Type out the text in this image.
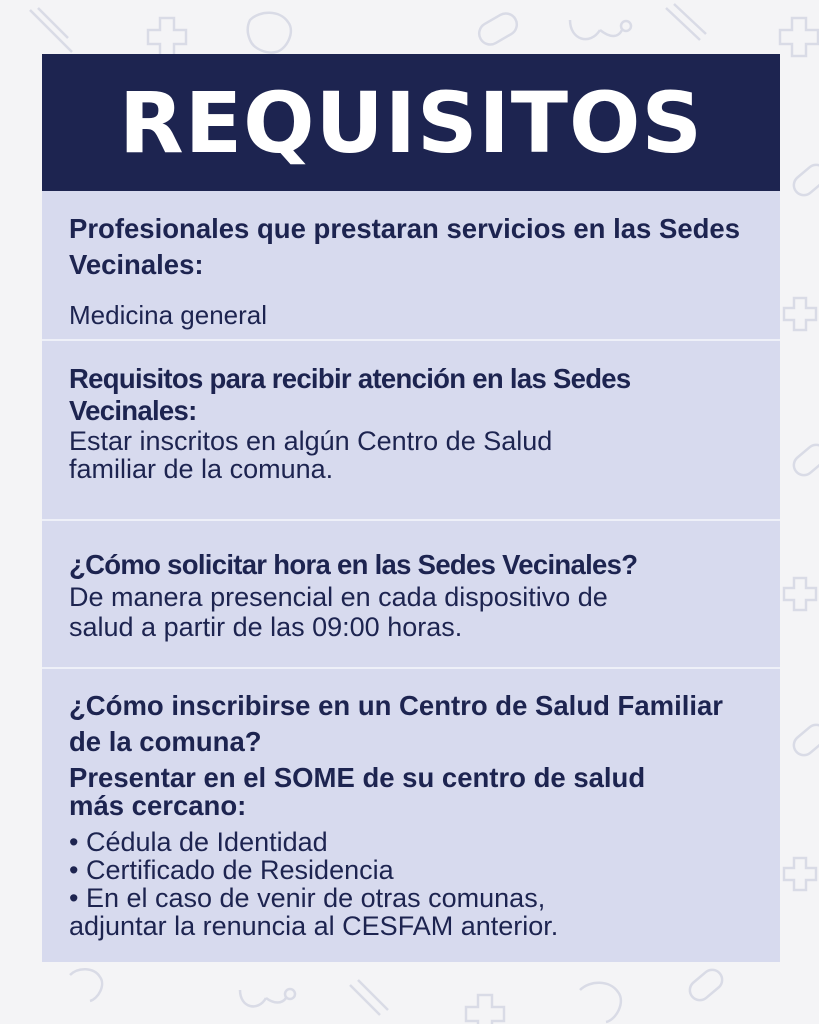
REQUISITOS
Profesionales que prestaran servicios en las Sedes Vecinales:
Medicina general
Requisitos para recibir atención en las Sedes
Vecinales:
Estar inscritos en algún Centro de Salud
familiar de la comuna.
¿Cómo solicitar hora en las Sedes Vecinales?
De manera presencial en cada dispositivo de
salud a partir de las 09:00 horas.
¿Cómo inscribirse en un Centro de Salud Familiar de la comuna?
Presentar en el SOME de su centro de salud
más cercano:
• Cédula de Identidad
• Certificado de Residencia
• En el caso de venir de otras comunas,
adjuntar la renuncia al CESFAM anterior.
